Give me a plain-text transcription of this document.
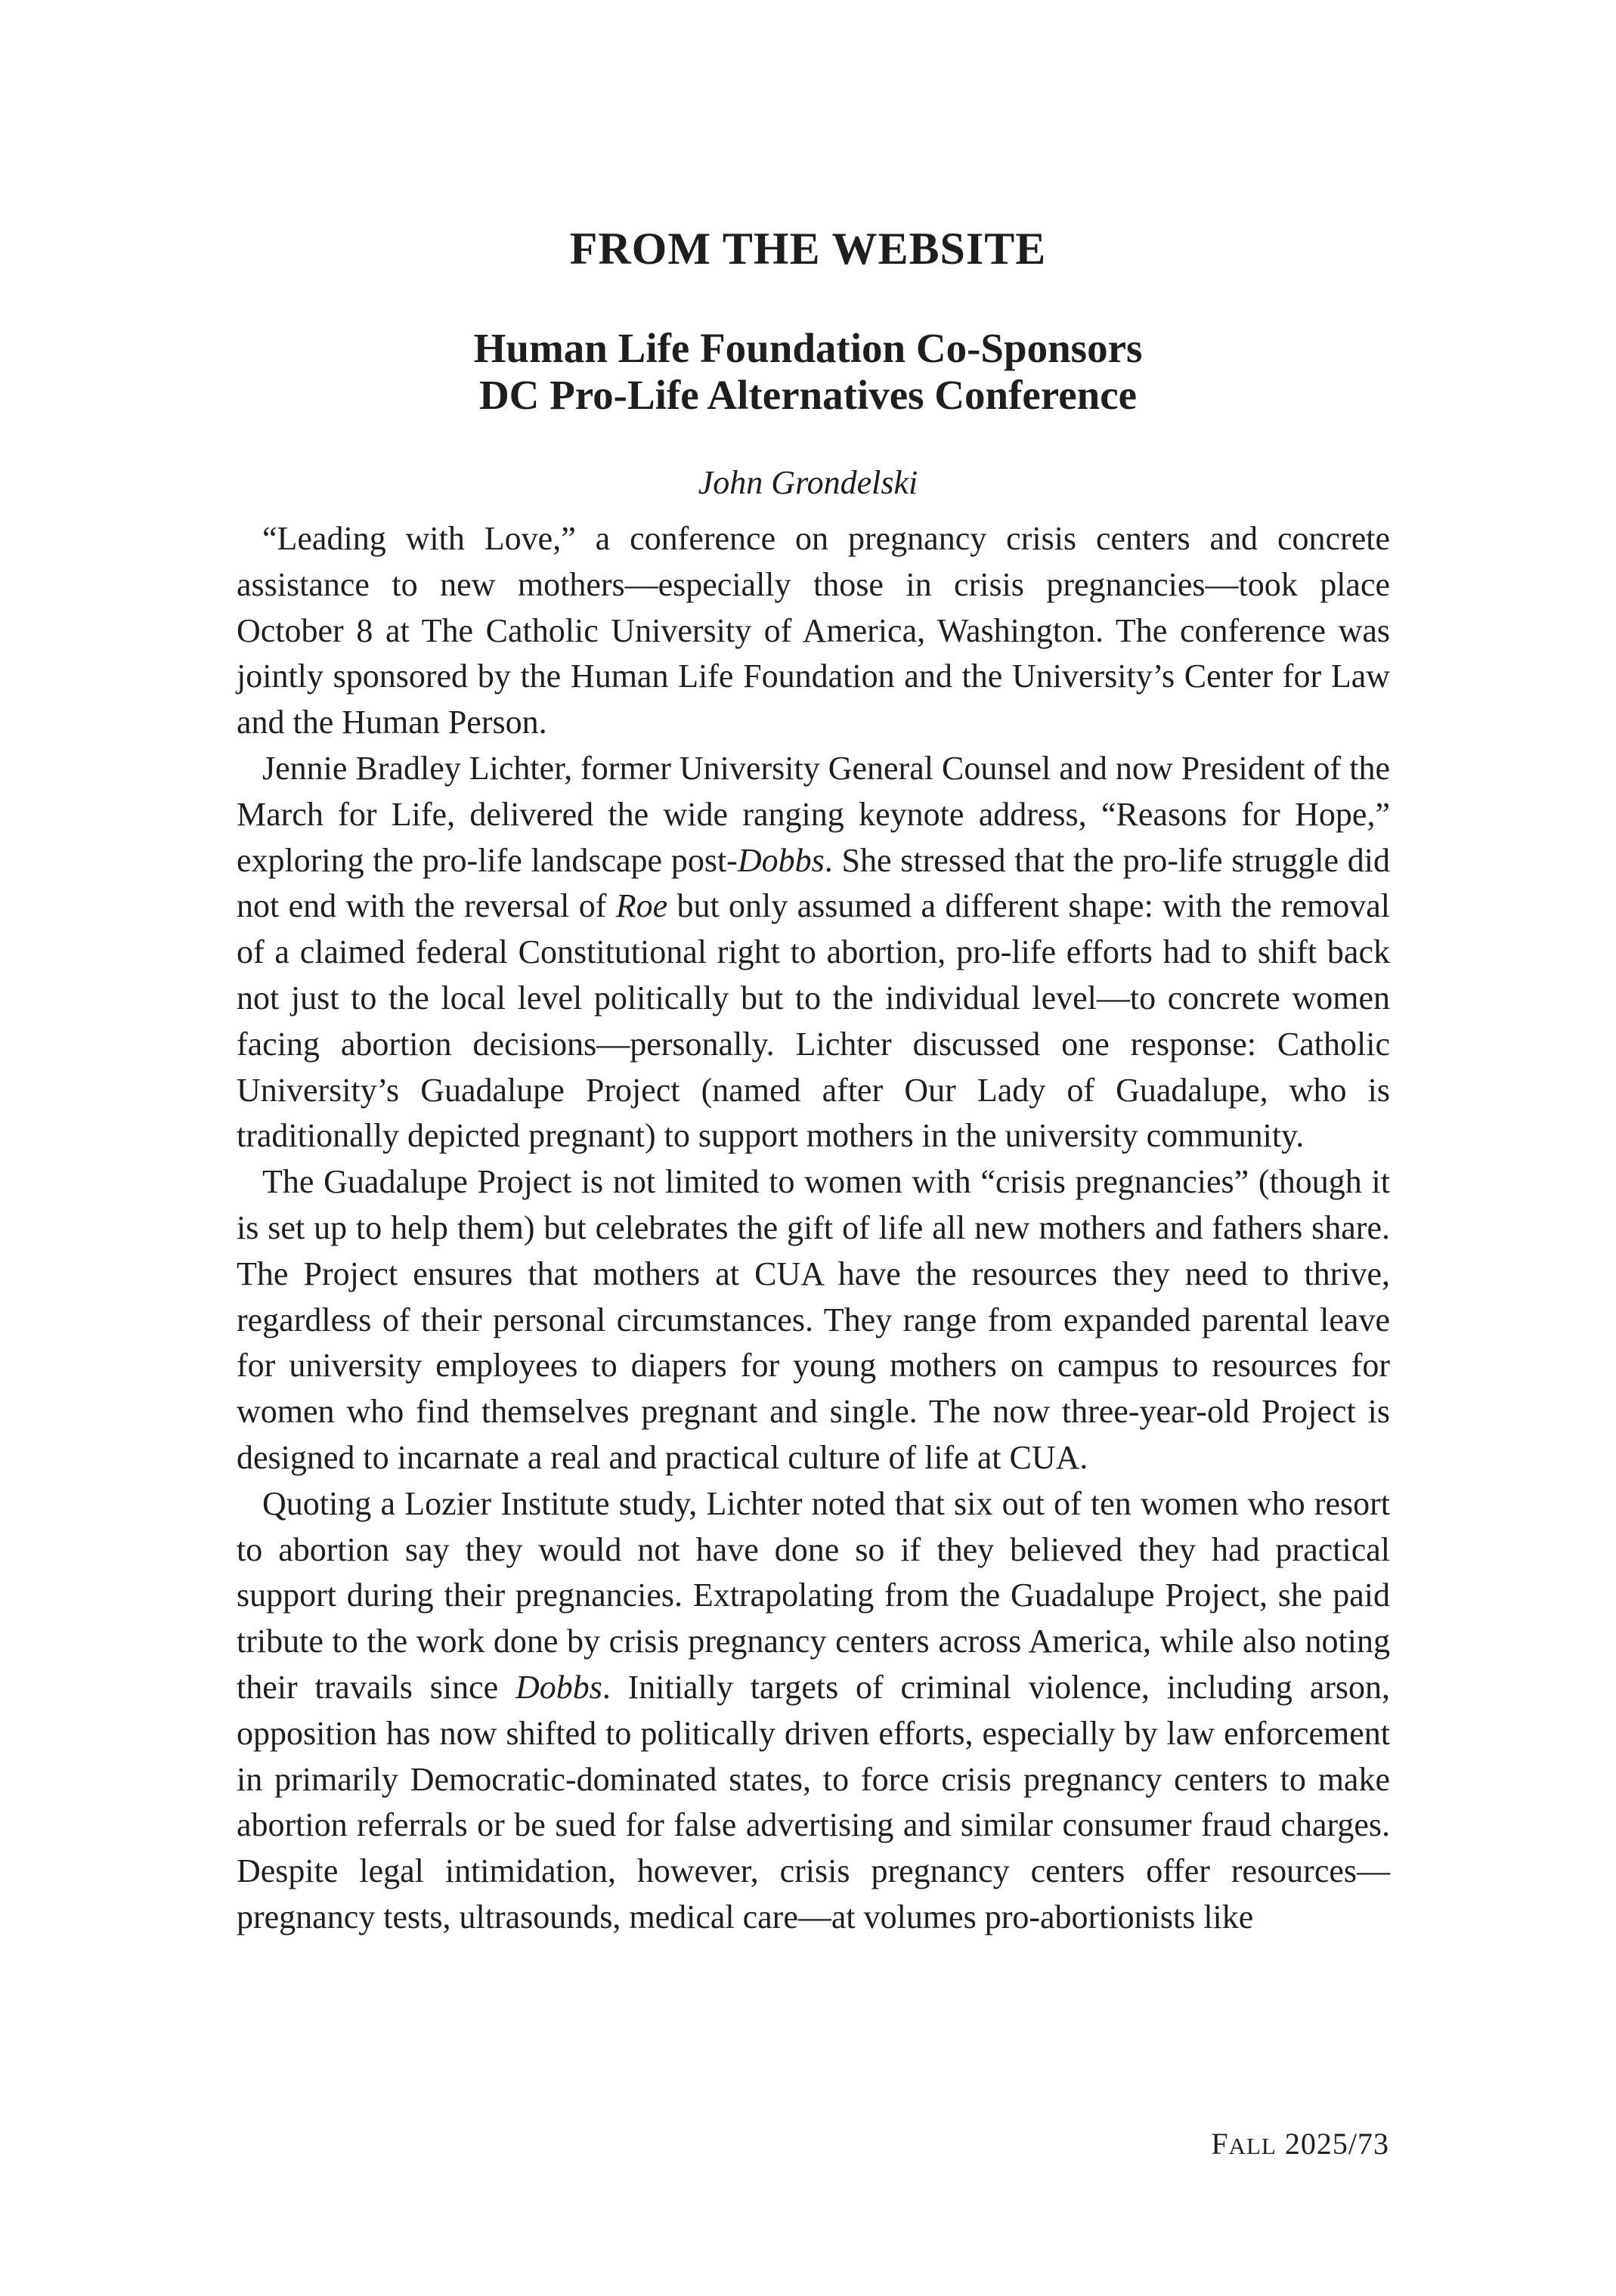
FROM THE WEBSITE
Human Life Foundation Co-Sponsors
DC Pro-Life Alternatives Conference
John Grondelski

“Leading with Love,” a conference on pregnancy crisis centers and concrete assistance to new mothers—especially those in crisis pregnancies—took place October 8 at The Catholic University of America, Washington. The conference was jointly sponsored by the Human Life Foundation and the University’s Center for Law and the Human Person.

Jennie Bradley Lichter, former University General Counsel and now President of the March for Life, delivered the wide ranging keynote address, “Reasons for Hope,” exploring the pro-life landscape post-Dobbs. She stressed that the pro-life struggle did not end with the reversal of Roe but only assumed a different shape: with the removal of a claimed federal Constitutional right to abortion, pro-life efforts had to shift back not just to the local level politically but to the individual level—to concrete women facing abortion decisions—personally. Lichter discussed one response: Catholic University’s Guadalupe Project (named after Our Lady of Guadalupe, who is traditionally depicted pregnant) to support mothers in the university community.

The Guadalupe Project is not limited to women with “crisis pregnancies” (though it is set up to help them) but celebrates the gift of life all new mothers and fathers share. The Project ensures that mothers at CUA have the resources they need to thrive, regardless of their personal circumstances. They range from expanded parental leave for university employees to diapers for young mothers on campus to resources for women who find themselves pregnant and single. The now three-year-old Project is designed to incarnate a real and practical culture of life at CUA.

Quoting a Lozier Institute study, Lichter noted that six out of ten women who resort to abortion say they would not have done so if they believed they had practical support during their pregnancies. Extrapolating from the Guadalupe Project, she paid tribute to the work done by crisis pregnancy centers across America, while also noting their travails since Dobbs. Initially targets of criminal violence, including arson, opposition has now shifted to politically driven efforts, especially by law enforcement in primarily Democratic-dominated states, to force crisis pregnancy centers to make abortion referrals or be sued for false advertising and similar consumer fraud charges. Despite legal intimidation, however, crisis pregnancy centers offer resources—pregnancy tests, ultrasounds, medical care—at volumes pro-abortionists like

FALL 2025/73
